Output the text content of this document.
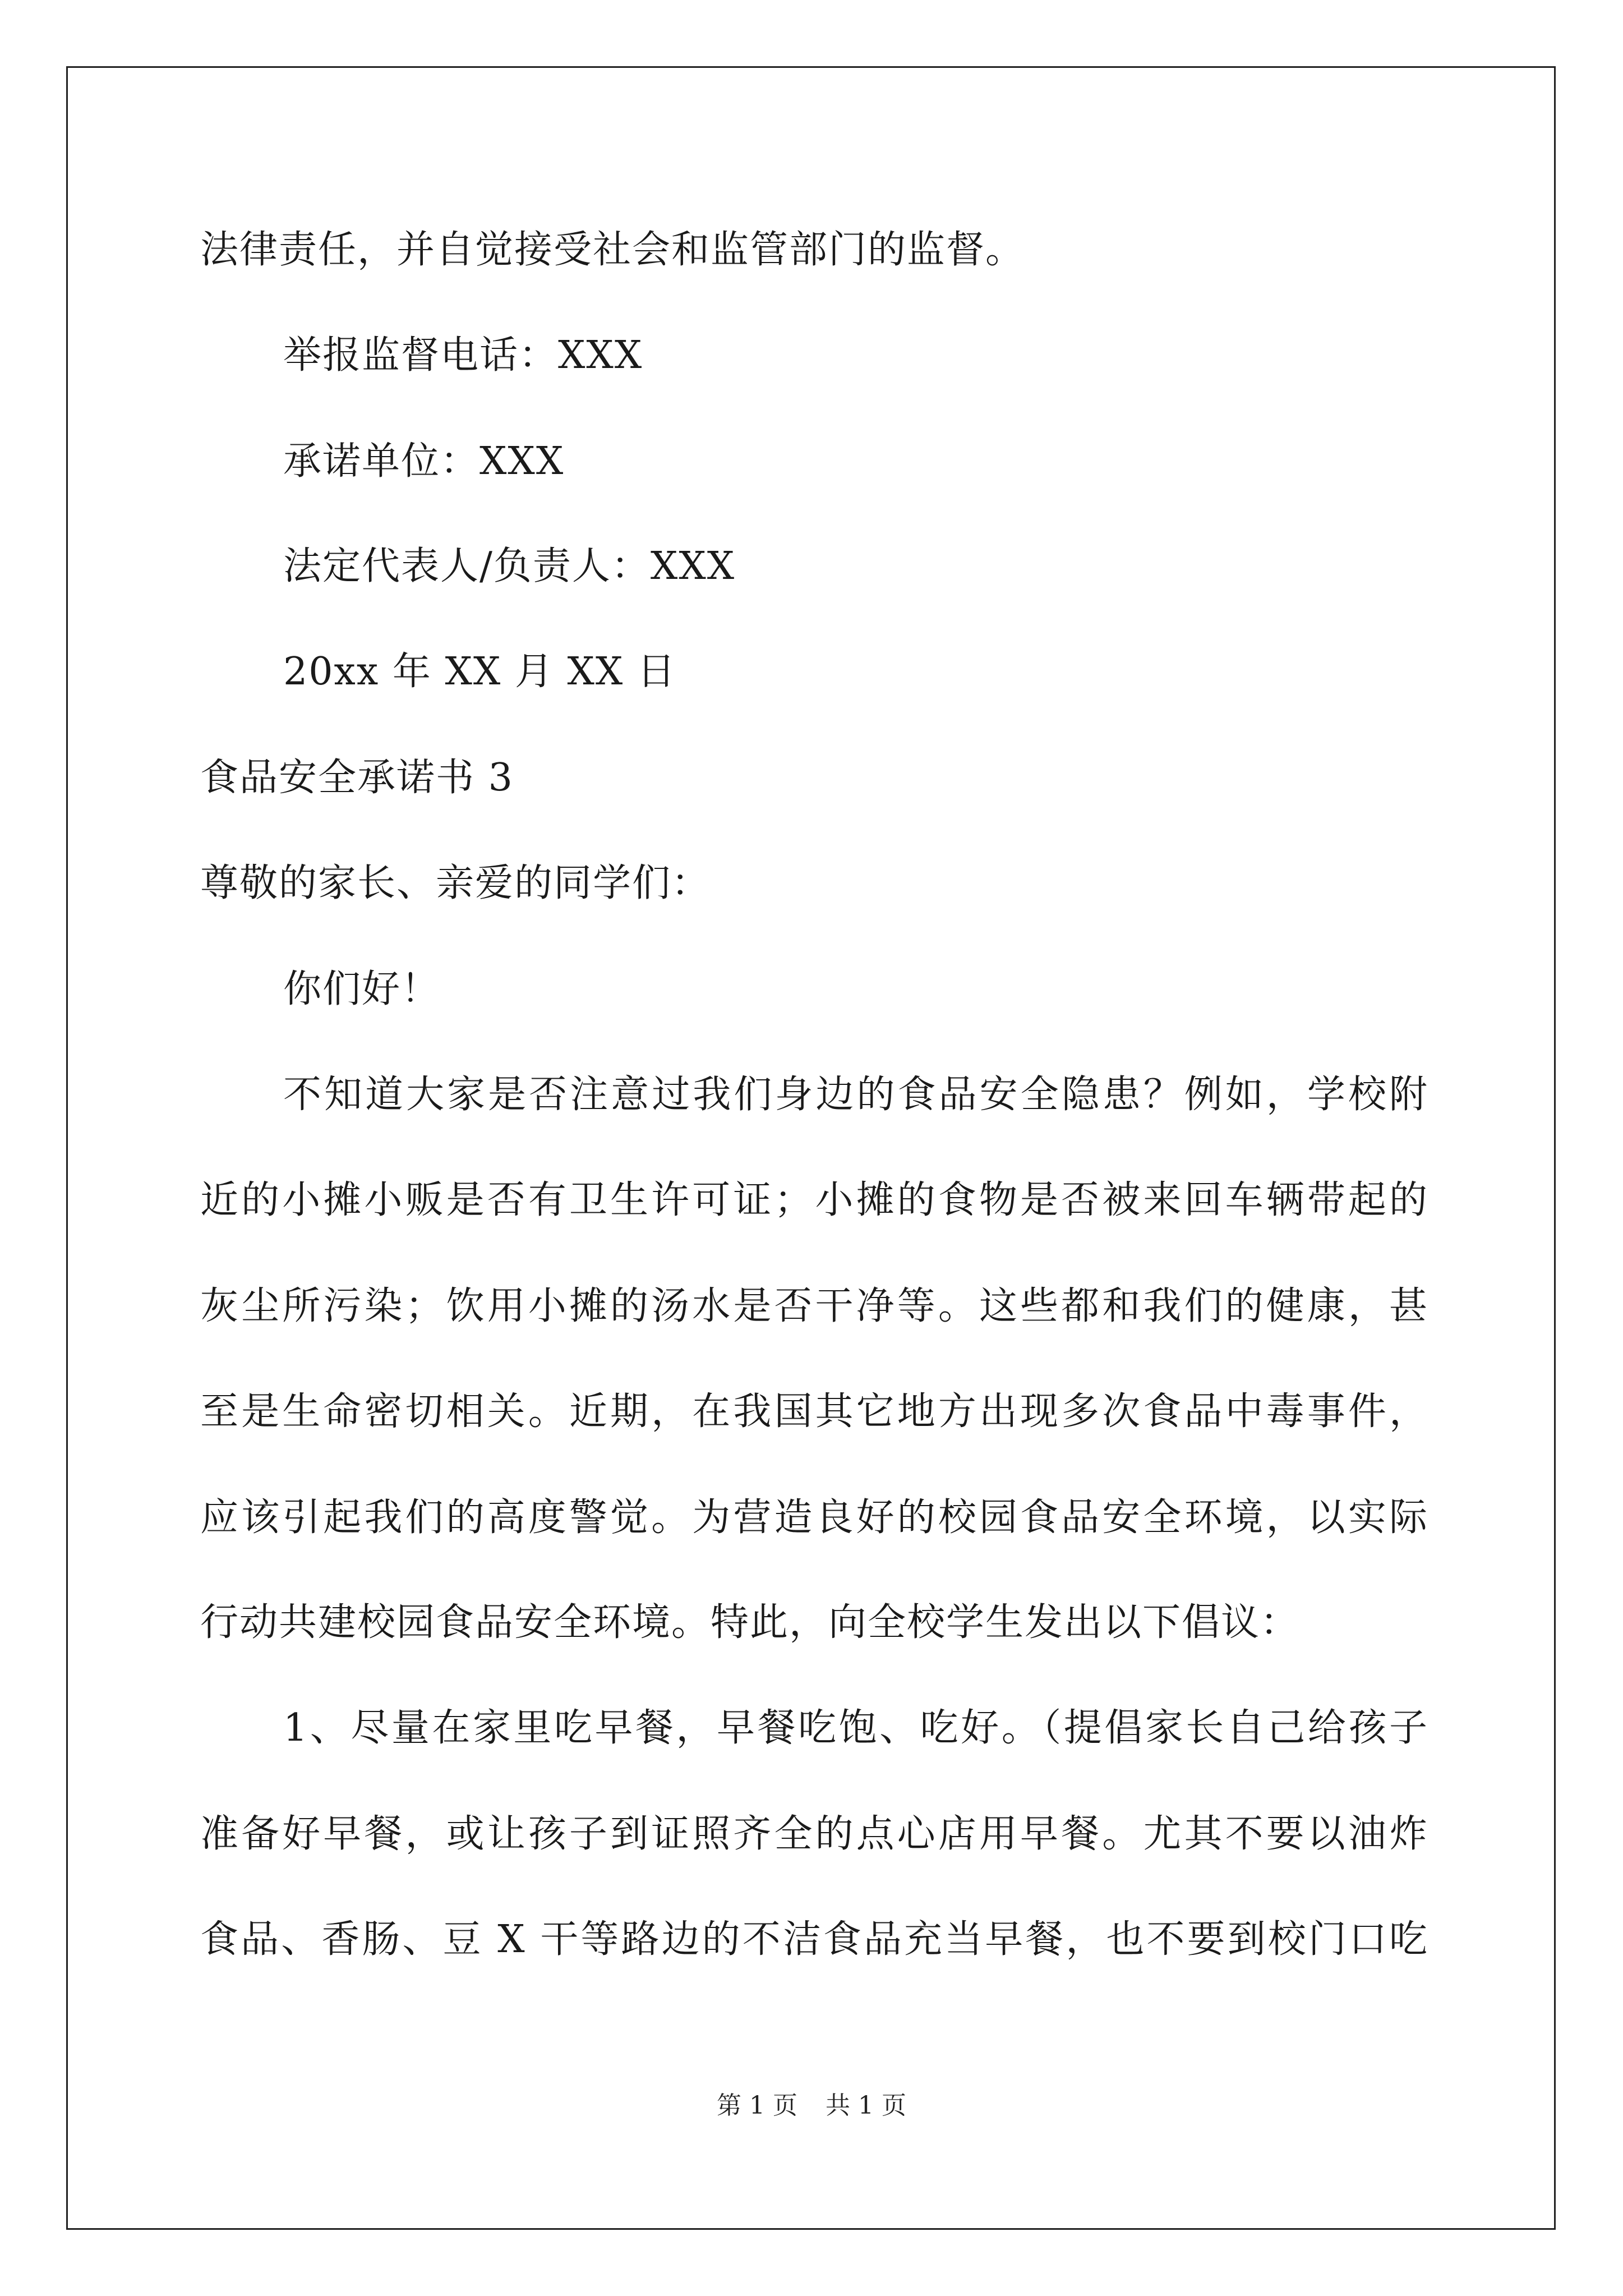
法律责任，并自觉接受社会和监管部门的监督。
举报监督电话：XXX
承诺单位：XXX
法定代表人/负责人：XXX
20xx 年 XX 月 XX 日
食品安全承诺书 3
尊敬的家长、亲爱的同学们：
你们好！
不知道大家是否注意过我们身边的食品安全隐患？例如，学校附
近的小摊小贩是否有卫生许可证；小摊的食物是否被来回车辆带起的
灰尘所污染；饮用小摊的汤水是否干净等。这些都和我们的健康，甚
至是生命密切相关。近期，在我国其它地方出现多次食品中毒事件，
应该引起我们的高度警觉。为营造良好的校园食品安全环境，以实际
行动共建校园食品安全环境。特此，向全校学生发出以下倡议：
1、尽量在家里吃早餐，早餐吃饱、吃好。（提倡家长自己给孩子
准备好早餐，或让孩子到证照齐全的点心店用早餐。尤其不要以油炸
食品、香肠、豆 X 干等路边的不洁食品充当早餐，也不要到校门口吃
第 1 页 共 1 页
